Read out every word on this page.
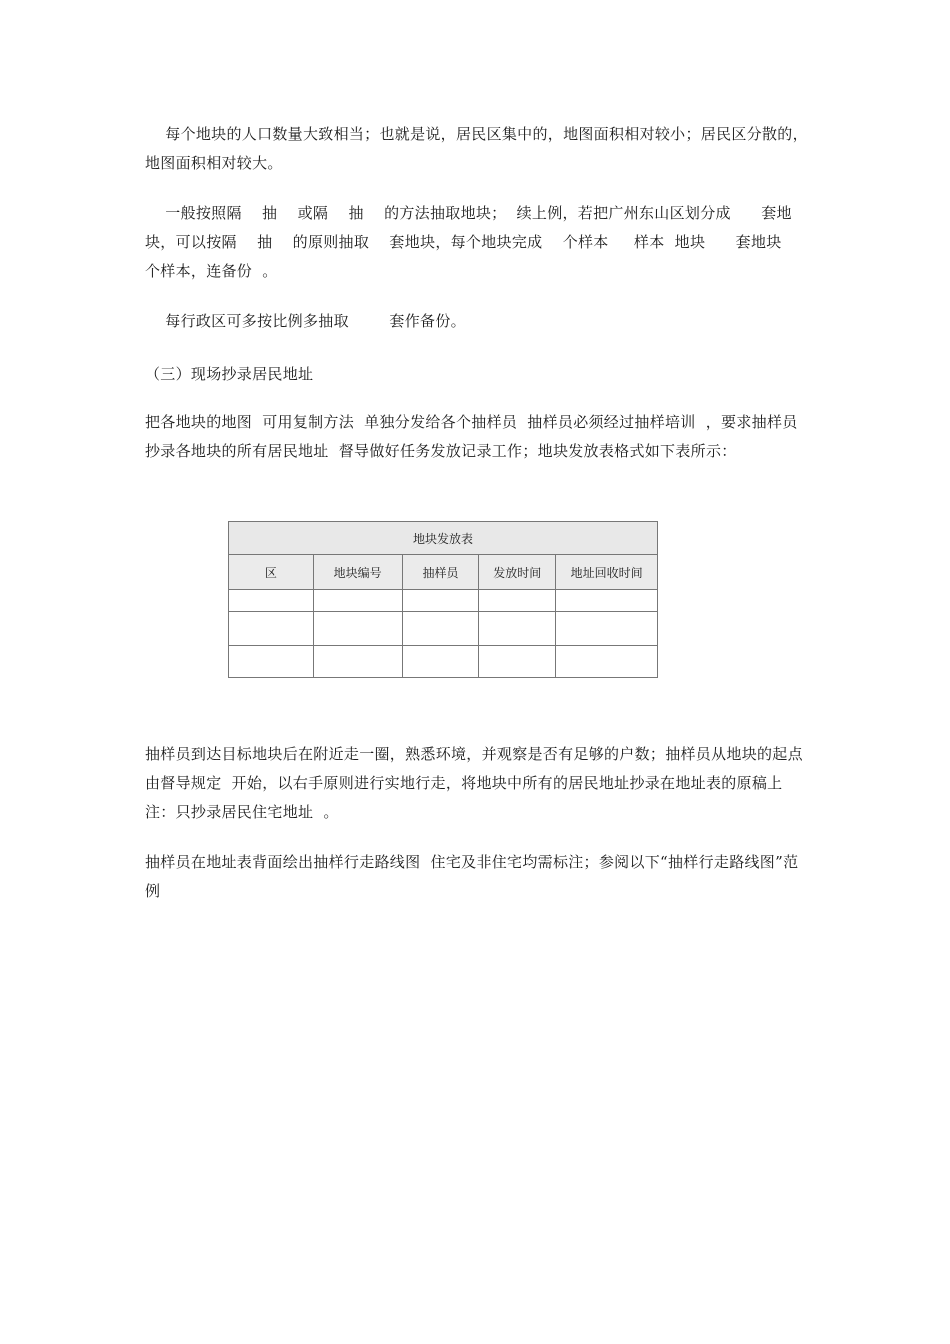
每个地块的人口数量大致相当；也就是说，居民区集中的，地图面积相对较小；居民区分散的，地图面积相对较大。

一般按照隔    抽    或隔    抽    的方法抽取地块；  续上例，若把广州东山区划分成      套地块，可以按隔    抽    的原则抽取    套地块，每个地块完成    个样本     样本  地块      套地块      个样本，连备份  。

每行政区可多按比例多抽取        套作备份。

（三）现场抄录居民地址

把各地块的地图  可用复制方法  单独分发给各个抽样员  抽样员必须经过抽样培训  ，要求抽样员抄录各地块的所有居民地址  督导做好任务发放记录工作；地块发放表格式如下表所示：

地块发放表				
区	地块编号	抽样员	发放时间	地址回收时间

抽样员到达目标地块后在附近走一圈，熟悉环境，并观察是否有足够的户数；抽样员从地块的起点  由督导规定  开始，以右手原则进行实地行走，将地块中所有的居民地址抄录在地址表的原稿上  注：只抄录居民住宅地址  。

抽样员在地址表背面绘出抽样行走路线图  住宅及非住宅均需标注；参阅以下“抽样行走路线图”范例
